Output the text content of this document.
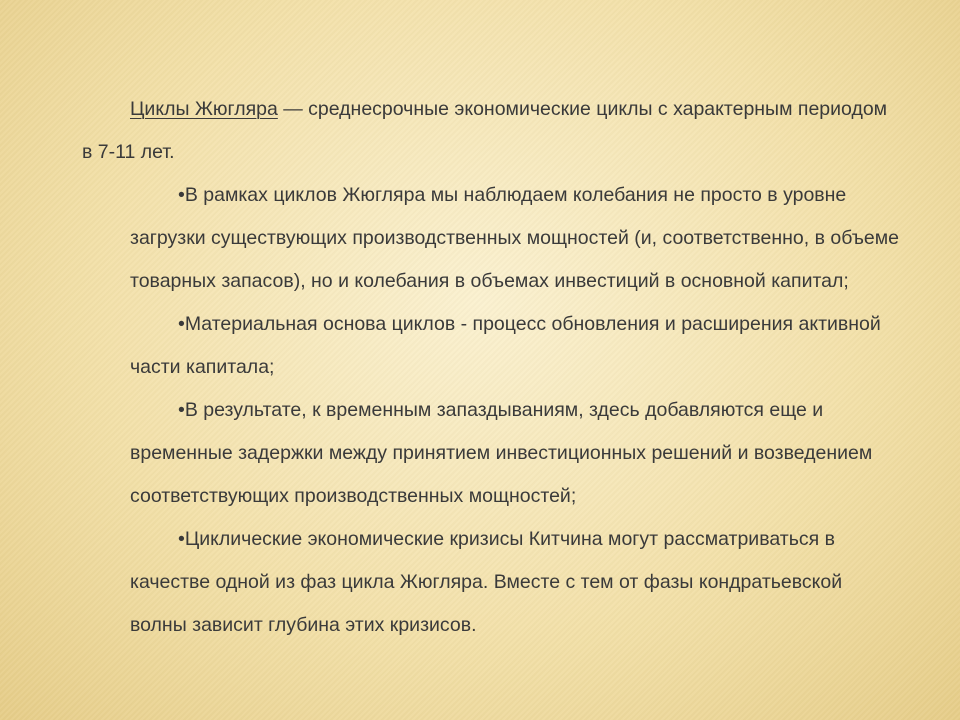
Циклы Жюгляра — среднесрочные экономические циклы с характерным периодом в 7-11 лет.

•В рамках циклов Жюгляра мы наблюдаем колебания не просто в уровне загрузки существующих производственных мощностей (и, соответственно, в объеме товарных запасов), но и колебания в объемах инвестиций в основной капитал;
•Материальная основа циклов - процесс обновления и расширения активной части капитала;
•В результате, к временным запаздываниям, здесь добавляются еще и временные задержки между принятием инвестиционных решений и возведением соответствующих производственных мощностей;
•Циклические экономические кризисы Китчина могут рассматриваться в качестве одной из фаз цикла Жюгляра. Вместе с тем от фазы кондратьевской волны зависит глубина этих кризисов.
